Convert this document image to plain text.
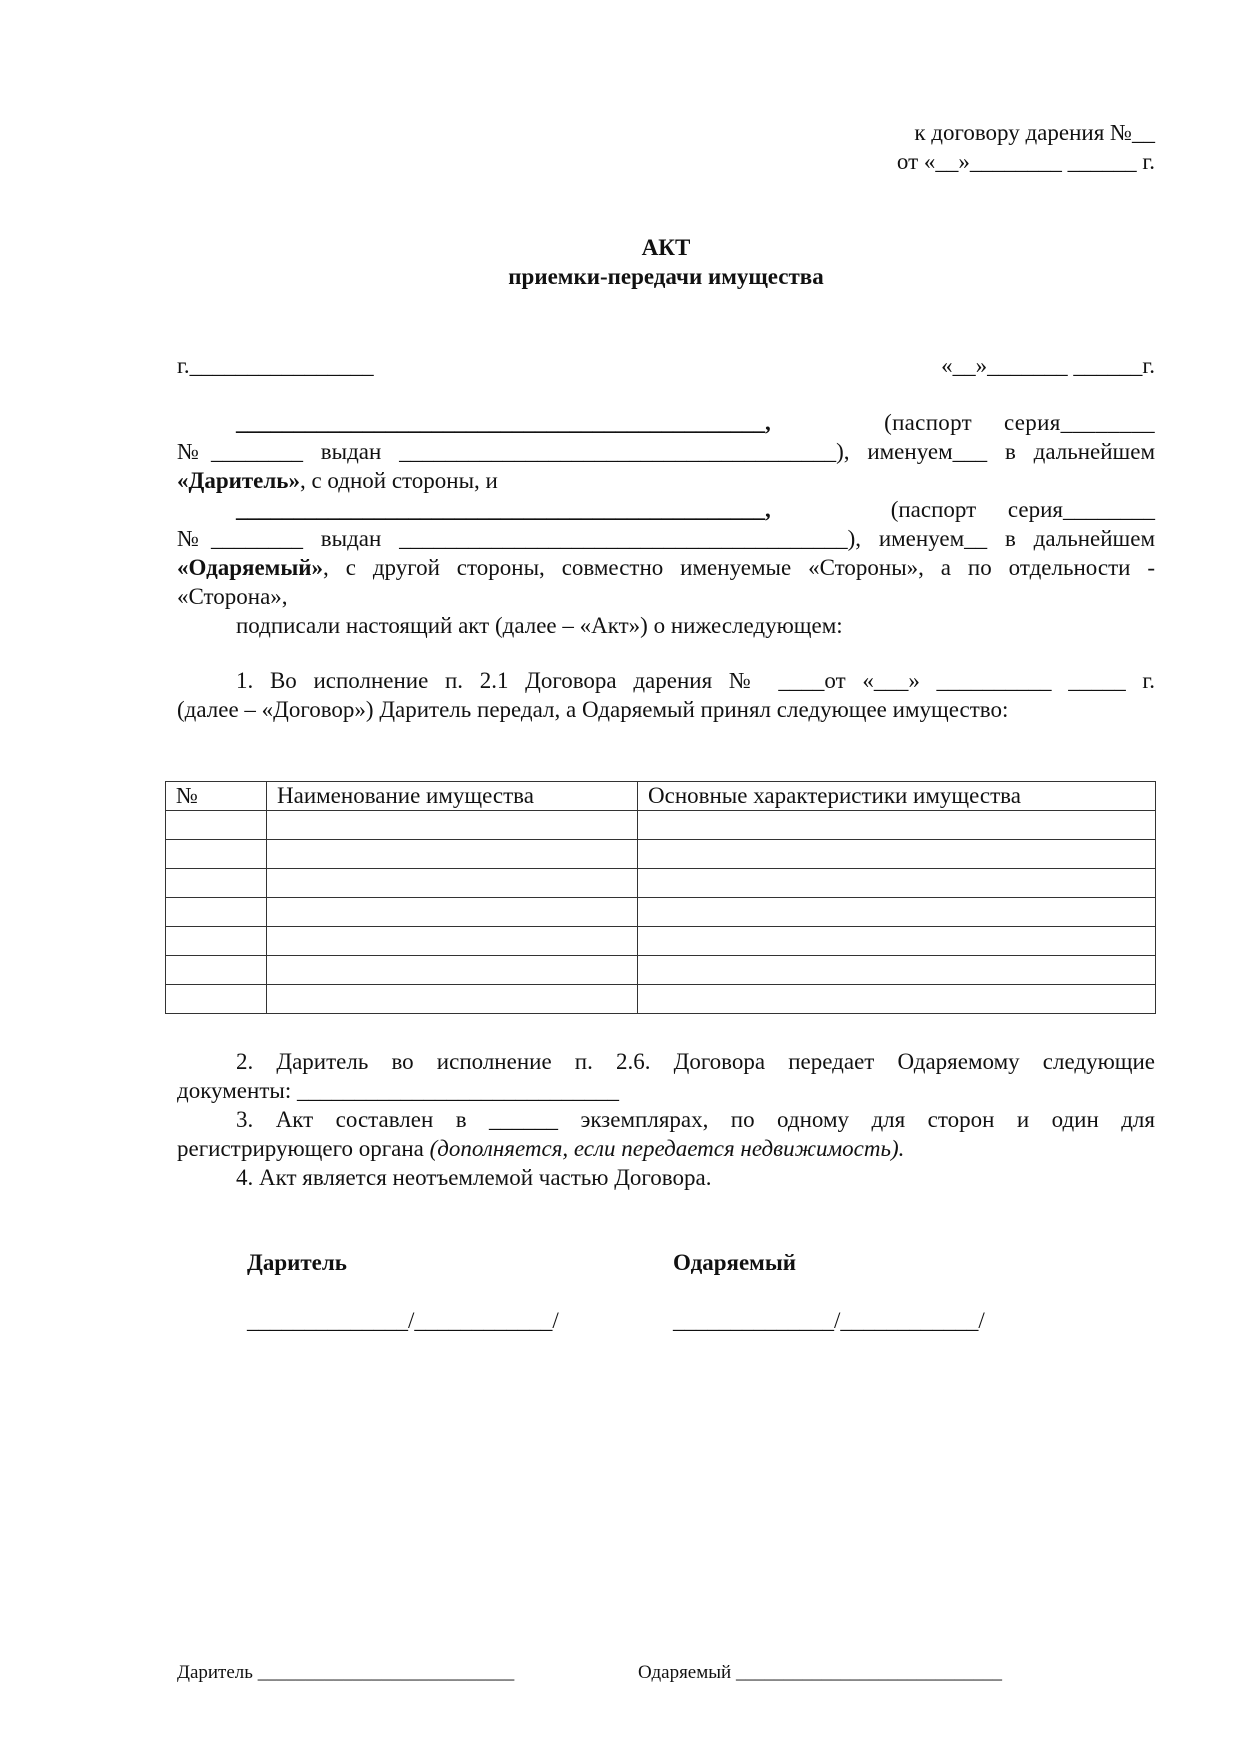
к договору дарения №__
от «__»________ ______ г.
АКТ
приемки-передачи имущества
г.________________	«__»_______ ______г.
______________________________________________,	(паспорт серия________
№________ выдан ______________________________________), именуем___ в дальнейшем
«Даритель», с одной стороны, и
______________________________________________,	(паспорт серия________
№________ выдан _______________________________________), именуем__ в дальнейшем
«Одаряемый», с другой стороны, совместно именуемые «Стороны», а по отдельности -
«Сторона»,
подписали настоящий акт (далее – «Акт») о нижеследующем:
1. Во исполнение п. 2.1 Договора дарения № ____от «___» __________ _____ г.
(далее – «Договор») Даритель передал, а Одаряемый принял следующее имущество:
№	Наименование имущества	Основные характеристики имущества

2. Даритель во исполнение п. 2.6. Договора передает Одаряемому следующие
документы: ____________________________
3. Акт составлен в ______ экземплярах, по одному для сторон и один для
регистрирующего органа (дополняется, если передается недвижимость).
4. Акт является неотъемлемой частью Договора.
Даритель	Одаряемый
______________/____________/	______________/____________/
Даритель ___________________________	Одаряемый ____________________________
